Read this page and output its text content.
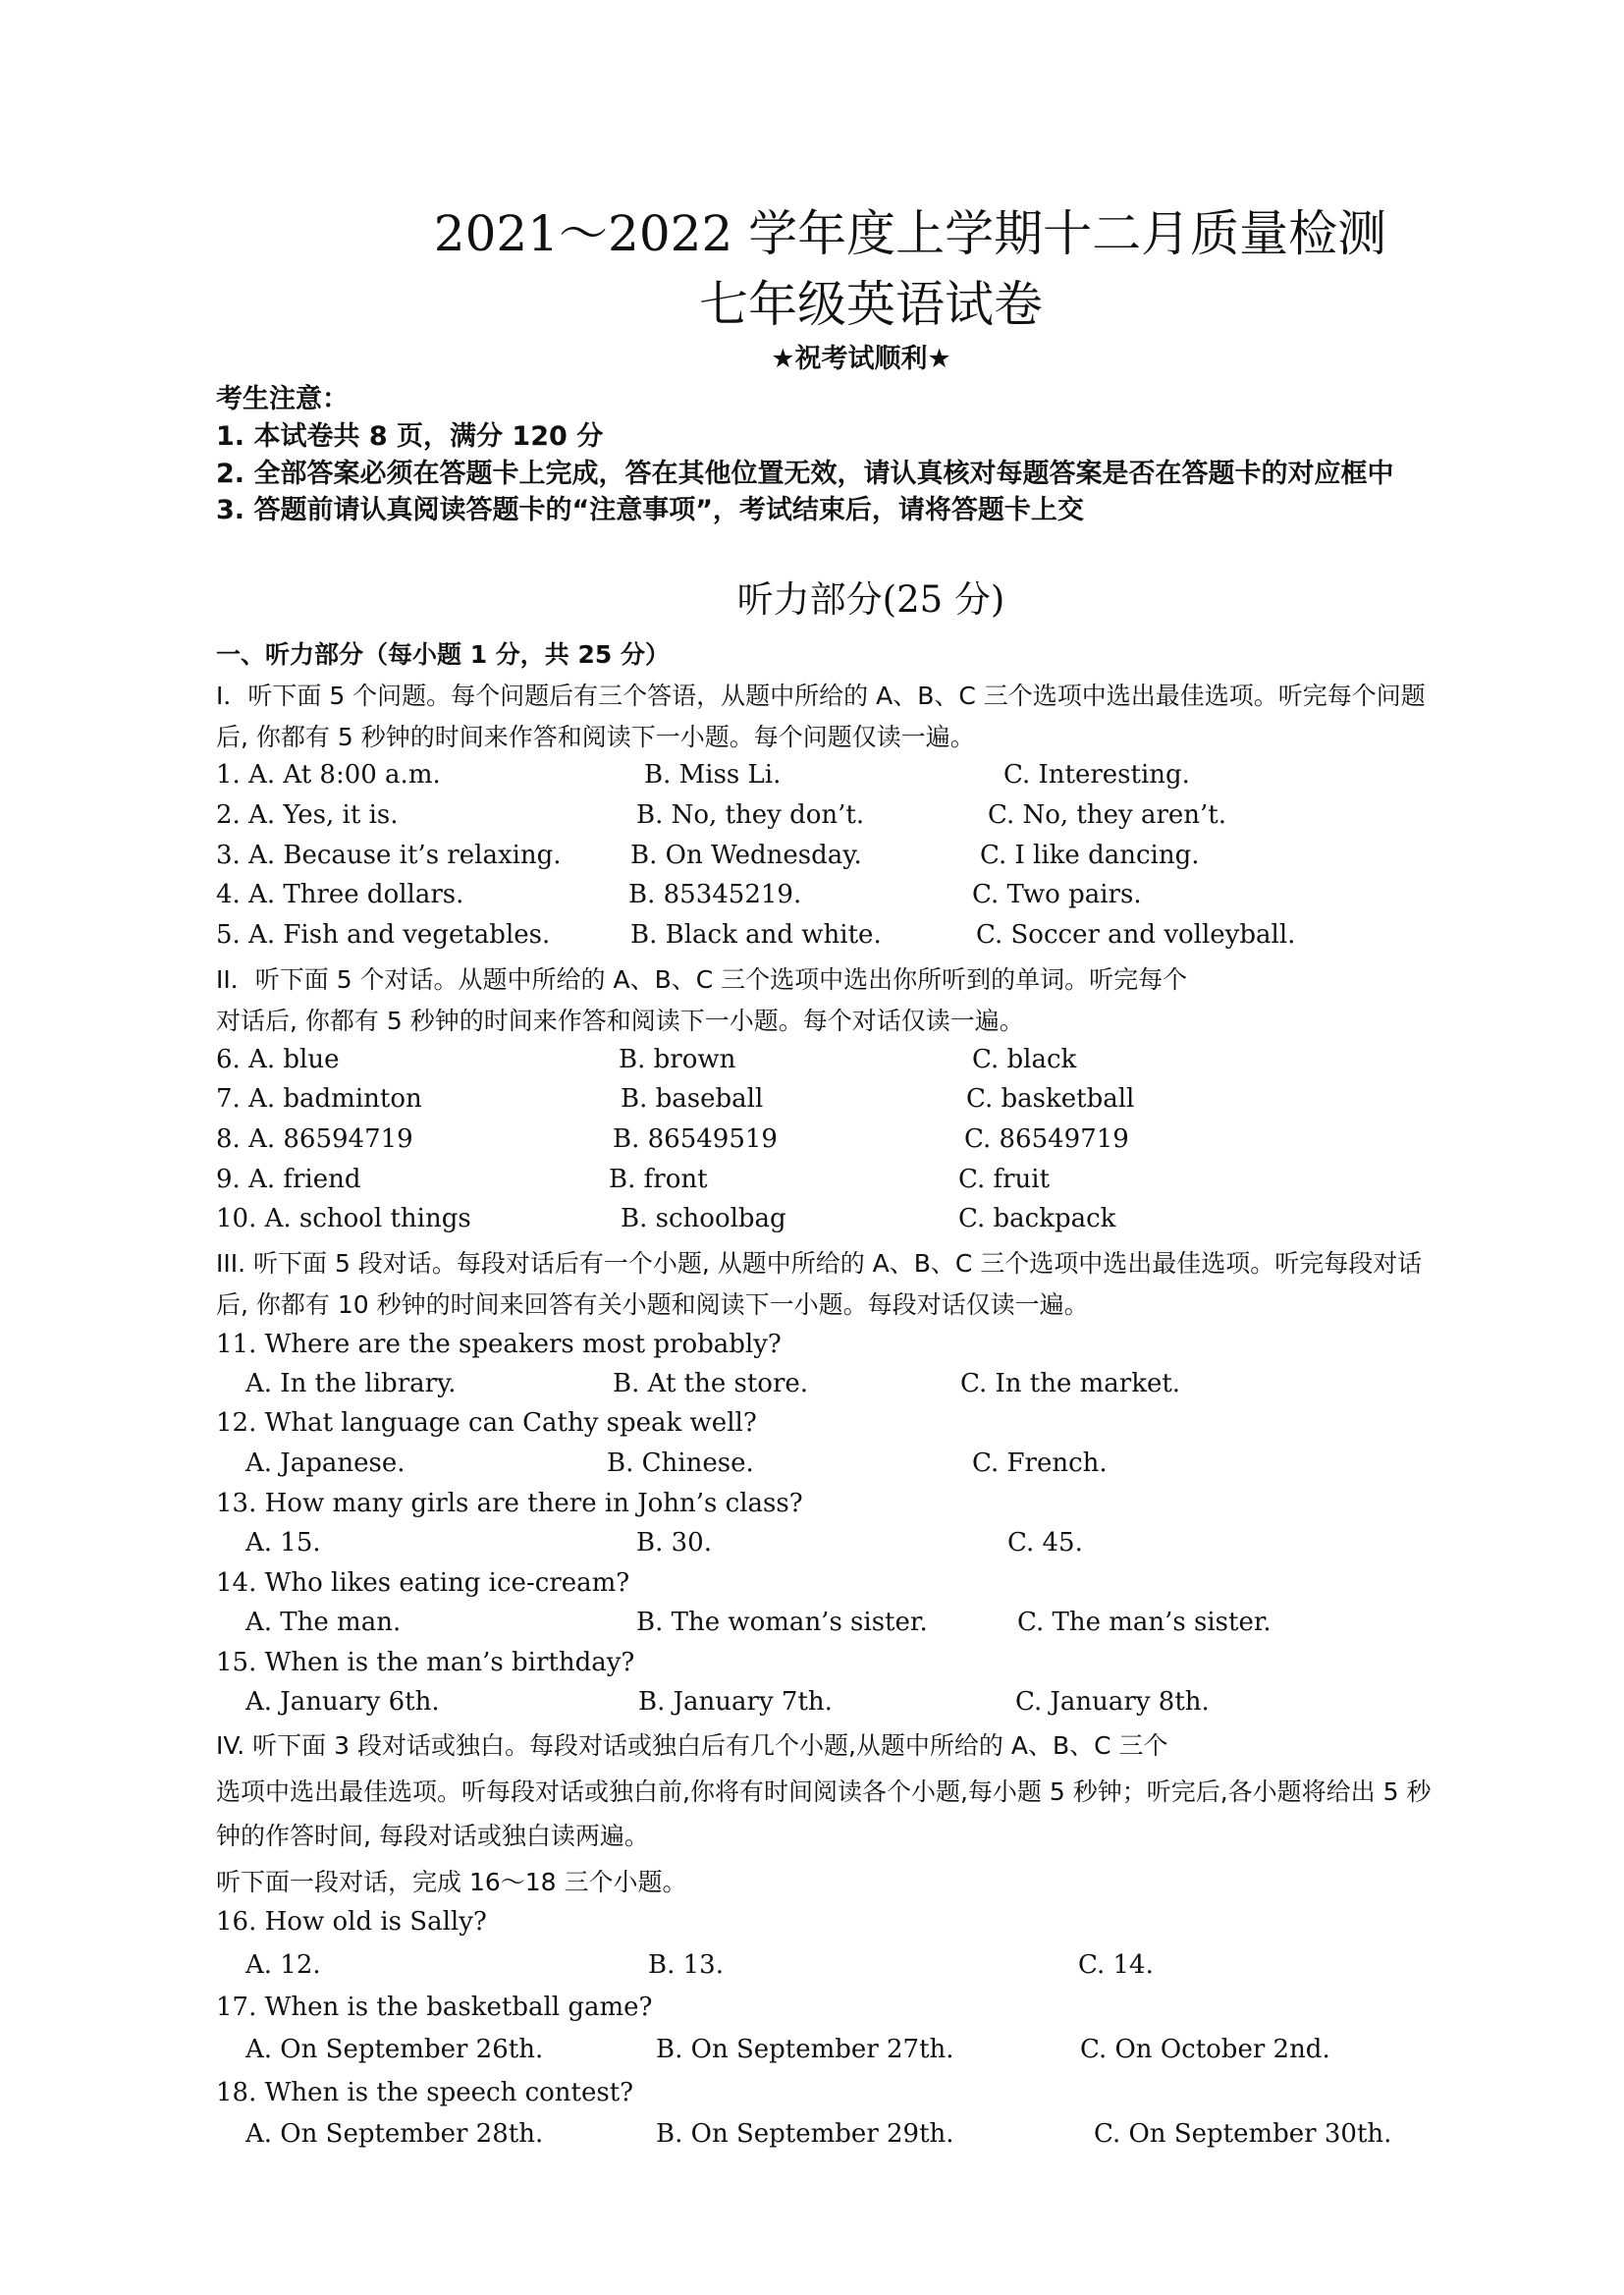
2021～2022 学年度上学期十二月质量检测
七年级英语试卷
★祝考试顺利★
考生注意：
1. 本试卷共 8 页，满分 120 分
2. 全部答案必须在答题卡上完成，答在其他位置无效，请认真核对每题答案是否在答题卡的对应框中
3. 答题前请认真阅读答题卡的“注意事项”，考试结束后，请将答题卡上交
听力部分(25 分)
一、听力部分（每小题 1 分，共 25 分）
I．听下面 5 个问题。每个问题后有三个答语，从题中所给的 A、B、C 三个选项中选出最佳选项。听完每个问题
后, 你都有 5 秒钟的时间来作答和阅读下一小题。每个问题仅读一遍。
1. A. At 8:00 a.m.	B. Miss Li.	C. Interesting.
2. A. Yes, it is.	B. No, they don’t.	C. No, they aren’t.
3. A. Because it’s relaxing.	B. On Wednesday.	C. I like dancing.
4. A. Three dollars.	B. 85345219.	C. Two pairs.
5. A. Fish and vegetables.	B. Black and white.	C. Soccer and volleyball.
II．听下面 5 个对话。从题中所给的 A、B、C 三个选项中选出你所听到的单词。听完每个
对话后, 你都有 5 秒钟的时间来作答和阅读下一小题。每个对话仅读一遍。
6. A. blue	B. brown	C. black
7. A. badminton	B. baseball	C. basketball
8. A. 86594719	B. 86549519	C. 86549719
9. A. friend	B. front	C. fruit
10. A. school things	B. schoolbag	C. backpack
III. 听下面 5 段对话。每段对话后有一个小题, 从题中所给的 A、B、C 三个选项中选出最佳选项。听完每段对话
后, 你都有 10 秒钟的时间来回答有关小题和阅读下一小题。每段对话仅读一遍。
11. Where are the speakers most probably?
A. In the library.	B. At the store.	C. In the market.
12. What language can Cathy speak well?
A. Japanese.	B. Chinese.	C. French.
13. How many girls are there in John’s class?
A. 15.	B. 30.	C. 45.
14. Who likes eating ice-cream?
A. The man.	B. The woman’s sister.	C. The man’s sister.
15. When is the man’s birthday?
A. January 6th.	B. January 7th.	C. January 8th.
IV. 听下面 3 段对话或独白。每段对话或独白后有几个小题,从题中所给的 A、B、C 三个
选项中选出最佳选项。听每段对话或独白前,你将有时间阅读各个小题,每小题 5 秒钟；听完后,各小题将给出 5 秒
钟的作答时间, 每段对话或独白读两遍。
听下面一段对话，完成 16～18 三个小题。
16. How old is Sally?
A. 12.	B. 13.	C. 14.
17. When is the basketball game?
A. On September 26th.	B. On September 27th.	C. On October 2nd.
18. When is the speech contest?
A. On September 28th.	B. On September 29th.	C. On September 30th.
